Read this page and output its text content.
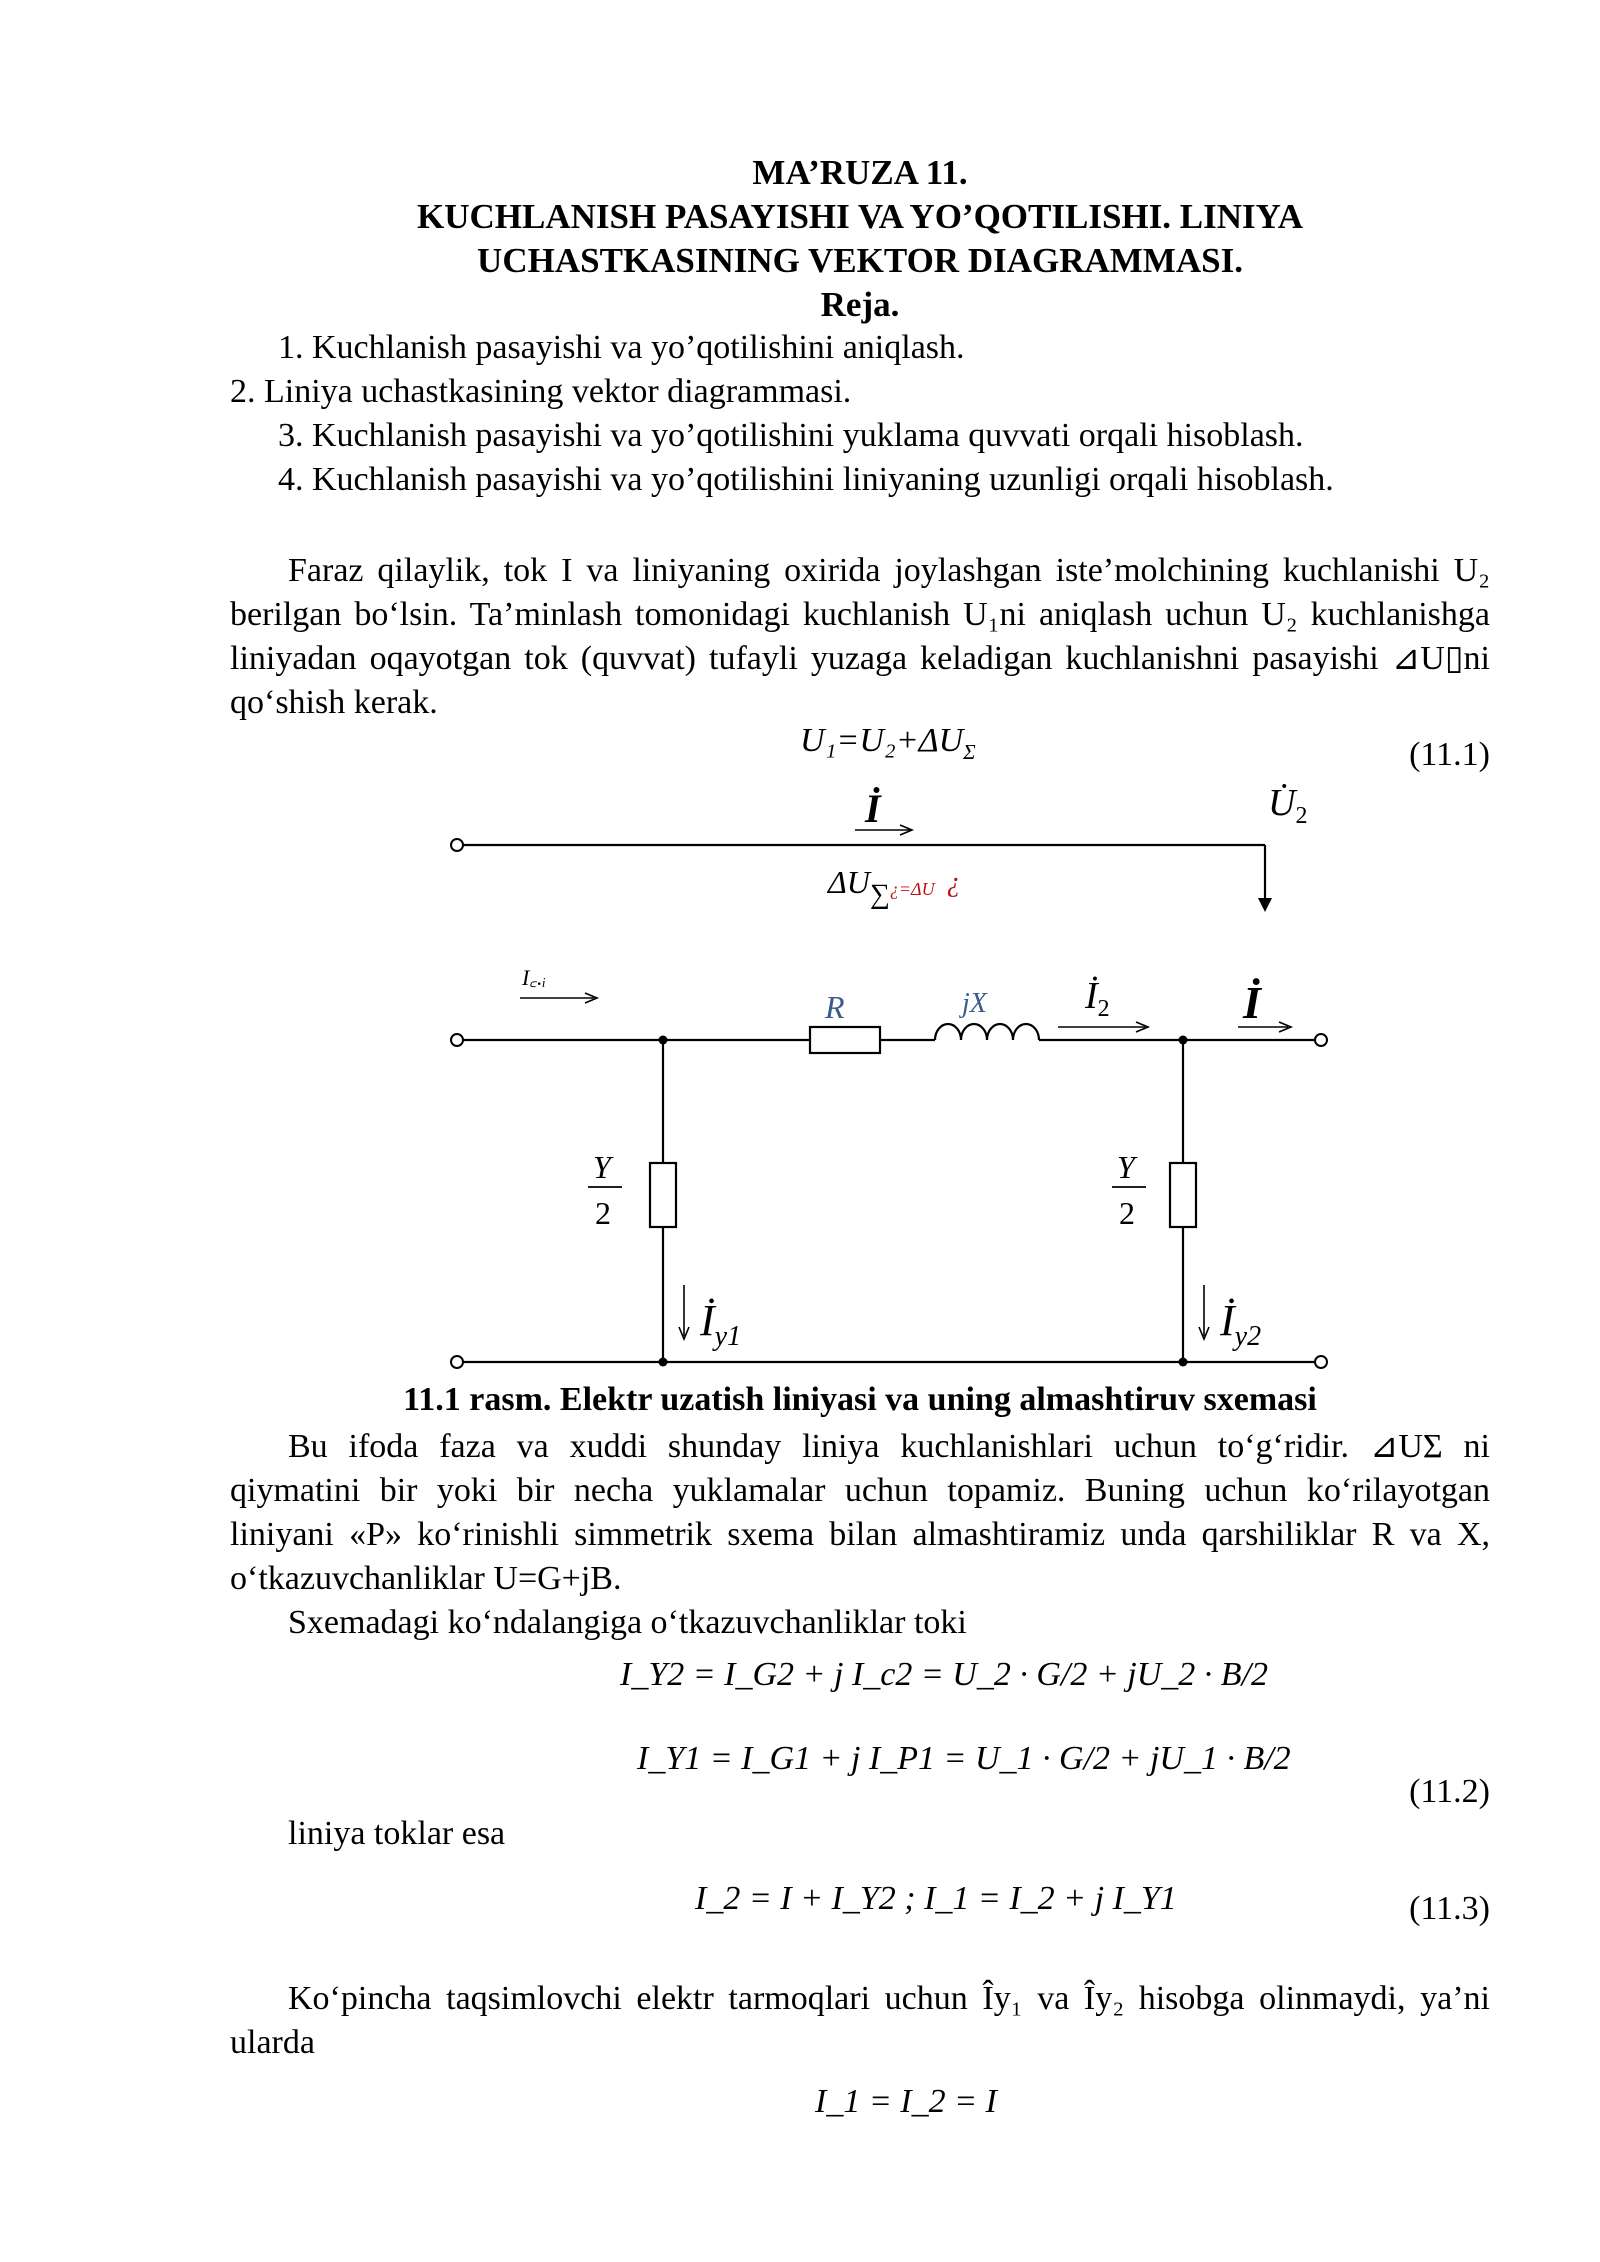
MA’RUZA 11.
KUCHLANISH PASAYISHI VA YO’QOTILISHI. LINIYA
UCHASTKASINING VEKTOR DIAGRAMMASI.
Reja.
1. Kuchlanish pasayishi va yo’qotilishini aniqlash.
2. Liniya uchastkasining vektor diagrammasi.
3. Kuchlanish pasayishi va yo’qotilishini yuklama quvvati orqali hisoblash.
4. Kuchlanish pasayishi va yo’qotilishini liniyaning uzunligi orqali hisoblash.

Faraz qilaylik, tok I va liniyaning oxirida joylashgan iste’molchining kuchlanishi U₂ berilgan bo‘lsin. Ta’minlash tomonidagi kuchlanish U₁ni aniqlash uchun U₂ kuchlanishga liniyadan oqayotgan tok (quvvat) tufayli yuzaga keladigan kuchlanishni pasayishi ⊿U▯ni qo‘shish kerak.

$U_1=U_2+\Delta U_\Sigma$	(11.1)
İ	$U̇_2$
ΔU∑$^{¿=\Delta U}$ ¿
I꜀.ᵢ
R	jX	$İ_2$	İ
Y
2
Y
2
$İ_{y1}$	$İ_{y2}$
11.1 rasm. Elektr uzatish liniyasi va uning almashtiruv sxemasi

Bu ifoda faza va xuddi shunday liniya kuchlanishlari uchun to‘g‘ridir. ⊿UΣ ni qiymatini bir yoki bir necha yuklamalar uchun topamiz. Buning uchun ko‘rilayotgan liniyani «P» ko‘rinishli simmetrik sxema bilan almashtiramiz unda qarshiliklar R va X, o‘tkazuvchanliklar U=G+jB.

Sxemadagi ko‘ndalangiga o‘tkazuvchanliklar toki

I_Y2 = I_G2 + j I_c2 = U_2 · G/2 + jU_2 · B/2
I_Y1 = I_G1 + j I_P1 = U_1 · G/2 + jU_1 · B/2
(11.2)
liniya toklar esa
I_2 = I + I_Y2 ; I_1 = I_2 + j I_Y1	(11.3)

Ko‘pincha taqsimlovchi elektr tarmoqlari uchun Îy₁ va Îy₂ hisobga olinmaydi, ya’ni ularda

I_1 = I_2 = I
